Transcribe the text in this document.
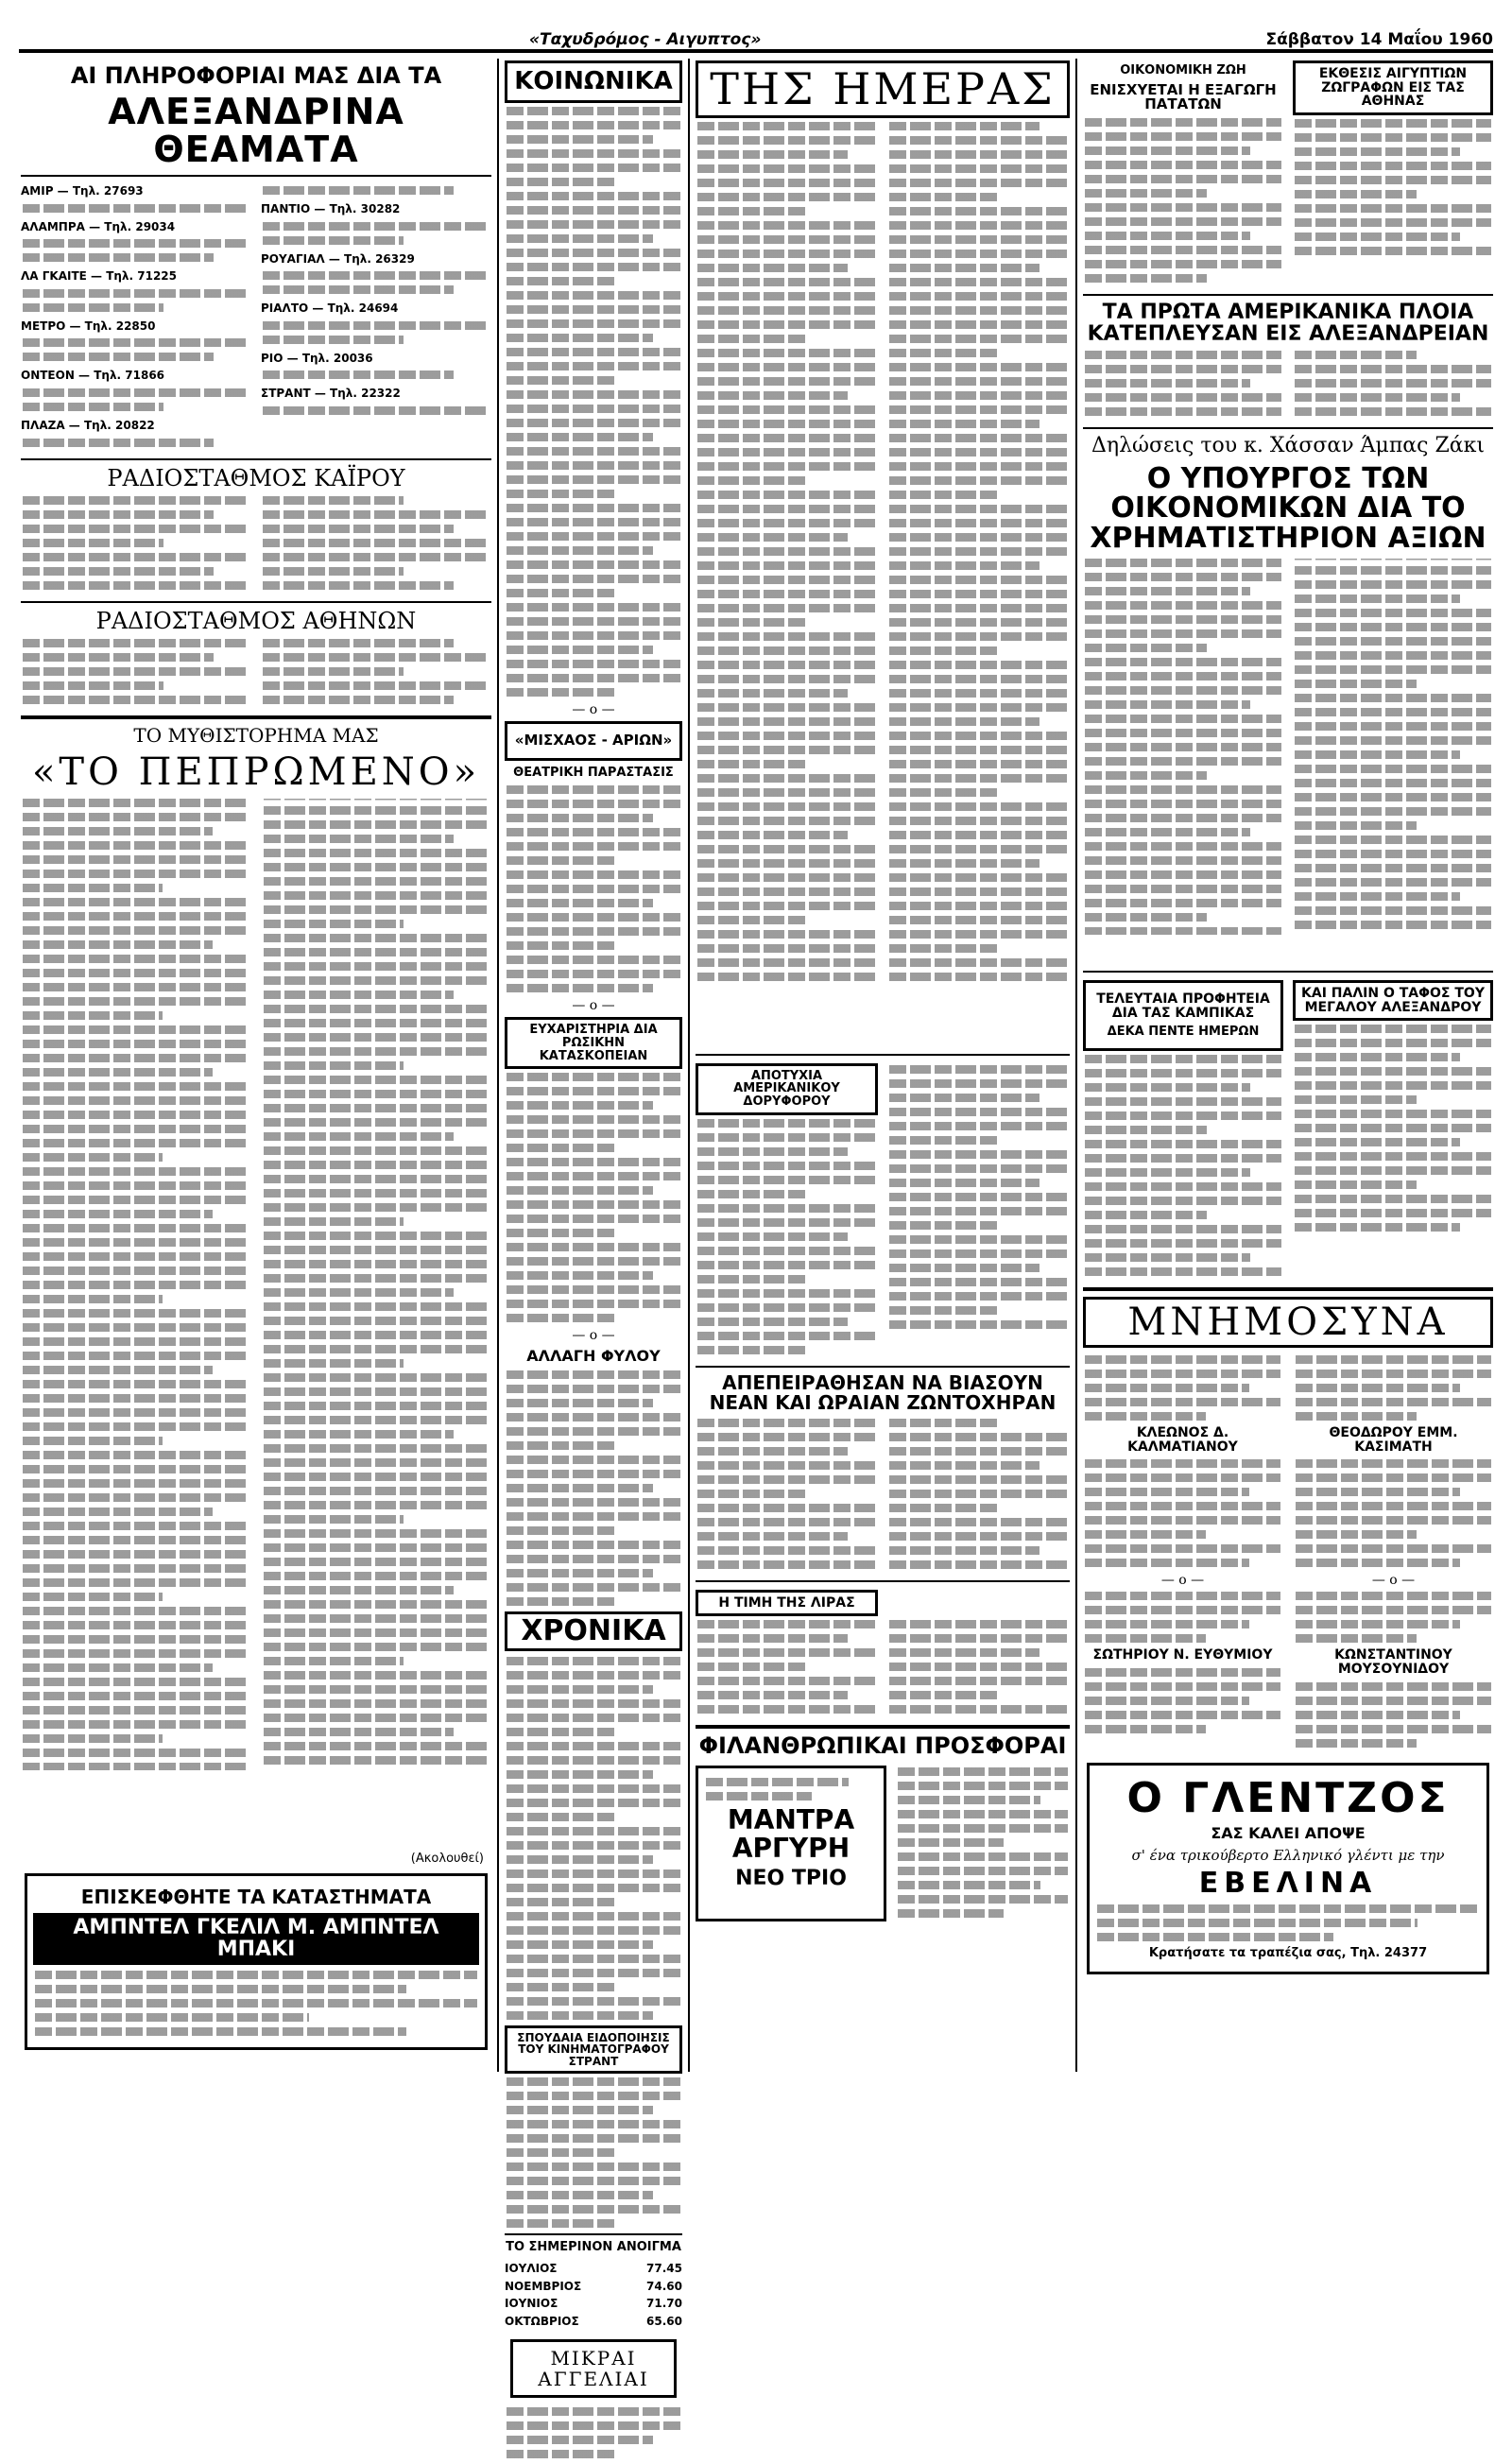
«Ταχυδρόμος - Αιγυπτος»	Σάββατον 14 Μαΐου 1960
ΑΙ ΠΛΗΡΟΦΟΡΙΑΙ ΜΑΣ ΔΙΑ ΤΑ
ΑΛΕΞΑΝΔΡΙΝΑ ΘΕΑΜΑΤΑ
ΑΜΙΡ — Τηλ. 27693
ΑΛΑΜΠΡΑ — Τηλ. 29034
ΛΑ ΓΚΑΙΤΕ — Τηλ. 71225
ΜΕΤΡΟ — Τηλ. 22850
ΟΝΤΕΟΝ — Τηλ. 71866
ΠΛΑΖΑ — Τηλ. 20822
ΠΑΝΤΙΟ — Τηλ. 30282
ΡΟΥΑΓΙΑΛ — Τηλ. 26329
ΡΙΑΛΤΟ — Τηλ. 24694
ΡΙΟ — Τηλ. 20036
ΣΤΡΑΝΤ — Τηλ. 22322
ΡΑΔΙΟΣΤΑΘΜΟΣ ΚΑΪΡΟΥ
ΡΑΔΙΟΣΤΑΘΜΟΣ ΑΘΗΝΩΝ
ΤΟ ΜΥΘΙΣΤΟΡΗΜΑ ΜΑΣ
«ΤΟ ΠΕΠΡΩΜΕΝΟ»
(Ακολουθεί)
ΕΠΙΣΚΕΦΘΗΤΕ ΤΑ ΚΑΤΑΣΤΗΜΑΤΑ
ΑΜΠΝΤΕΛ ΓΚΕΛΙΛ Μ. ΑΜΠΝΤΕΛ ΜΠΑΚΙ
ΚΟΙΝΩΝΙΚΑ
— o —
«ΜΙΣΧΑΟΣ - ΑΡΙΩΝ»
ΘΕΑΤΡΙΚΗ ΠΑΡΑΣΤΑΣΙΣ
— o —
ΕΥΧΑΡΙΣΤΗΡΙΑ ΔΙΑ ΡΩΣΙΚΗΝ ΚΑΤΑΣΚΟΠΕΙΑΝ
— o —
ΑΛΛΑΓΗ ΦΥΛΟΥ
ΧΡΟΝΙΚΑ
ΣΠΟΥΔΑΙΑ ΕΙΔΟΠΟΙΗΣΙΣ ΤΟΥ ΚΙΝΗΜΑΤΟΓΡΑΦΟΥ ΣΤΡΑΝΤ
ΤΟ ΣΗΜΕΡΙΝΟΝ ΑΝΟΙΓΜΑ
ΙΟΥΛΙΟΣ	77.45
ΝΟΕΜΒΡΙΟΣ	74.60
ΙΟΥΝΙΟΣ	71.70
ΟΚΤΩΒΡΙΟΣ	65.60
ΜΙΚΡΑΙ ΑΓΓΕΛΙΑΙ
ΤΗΣ ΗΜΕΡΑΣ
ΑΠΟΤΥΧΙΑ ΑΜΕΡΙΚΑΝΙΚΟΥ ΔΟΡΥΦΟΡΟΥ
ΑΠΕΠΕΙΡΑΘΗΣΑΝ ΝΑ ΒΙΑΣΟΥΝ ΝΕΑΝ ΚΑΙ ΩΡΑΙΑΝ ΖΩΝΤΟΧΗΡΑΝ
Η ΤΙΜΗ ΤΗΣ ΛΙΡΑΣ
ΦΙΛΑΝΘΡΩΠΙΚΑΙ ΠΡΟΣΦΟΡΑΙ
ΜΑΝΤΡΑ ΑΡΓΥΡΗ
ΝΕΟ ΤΡΙΟ
ΟΙΚΟΝΟΜΙΚΗ ΖΩΗ
ΕΝΙΣΧΥΕΤΑΙ Η ΕΞΑΓΩΓΗ ΠΑΤΑΤΩΝ
ΕΚΘΕΣΙΣ ΑΙΓΥΠΤΙΩΝ ΖΩΓΡΑΦΩΝ ΕΙΣ ΤΑΣ ΑΘΗΝΑΣ
ΤΑ ΠΡΩΤΑ ΑΜΕΡΙΚΑΝΙΚΑ ΠΛΟΙΑ ΚΑΤΕΠΛΕΥΣΑΝ ΕΙΣ ΑΛΕΞΑΝΔΡΕΙΑΝ
Δηλώσεις του κ. Χάσσαν Άμπας Ζάκι
Ο ΥΠΟΥΡΓΟΣ ΤΩΝ ΟΙΚΟΝΟΜΙΚΩΝ ΔΙΑ ΤΟ ΧΡΗΜΑΤΙΣΤΗΡΙΟΝ ΑΞΙΩΝ
ΤΕΛΕΥΤΑΙΑ ΠΡΟΦΗΤΕΙΑ ΔΙΑ ΤΑΣ ΚΑΜΠΙΚΑΣ
ΔΕΚΑ ΠΕΝΤΕ ΗΜΕΡΩΝ
ΚΑΙ ΠΑΛΙΝ Ο ΤΑΦΟΣ ΤΟΥ ΜΕΓΑΛΟΥ ΑΛΕΞΑΝΔΡΟΥ
ΜΝΗΜΟΣΥΝΑ
ΚΛΕΩΝΟΣ Δ. ΚΑΛΜΑΤΙΑΝΟΥ
— o —
ΣΩΤΗΡΙΟΥ Ν. ΕΥΘΥΜΙΟΥ
ΘΕΟΔΩΡΟΥ ΕΜΜ. ΚΑΣΙΜΑΤΗ
— o —
ΚΩΝΣΤΑΝΤΙΝΟΥ ΜΟΥΣΟΥΝΙΔΟΥ
Ο ΓΛΕΝΤΖΟΣ
ΣΑΣ ΚΑΛΕΙ ΑΠΟΨΕ
σ' ένα τρικούβερτο Ελληνικό γλέντι με την
ΕΒΕΛΙΝΑ
Κρατήσατε τα τραπέζια σας, Τηλ. 24377
